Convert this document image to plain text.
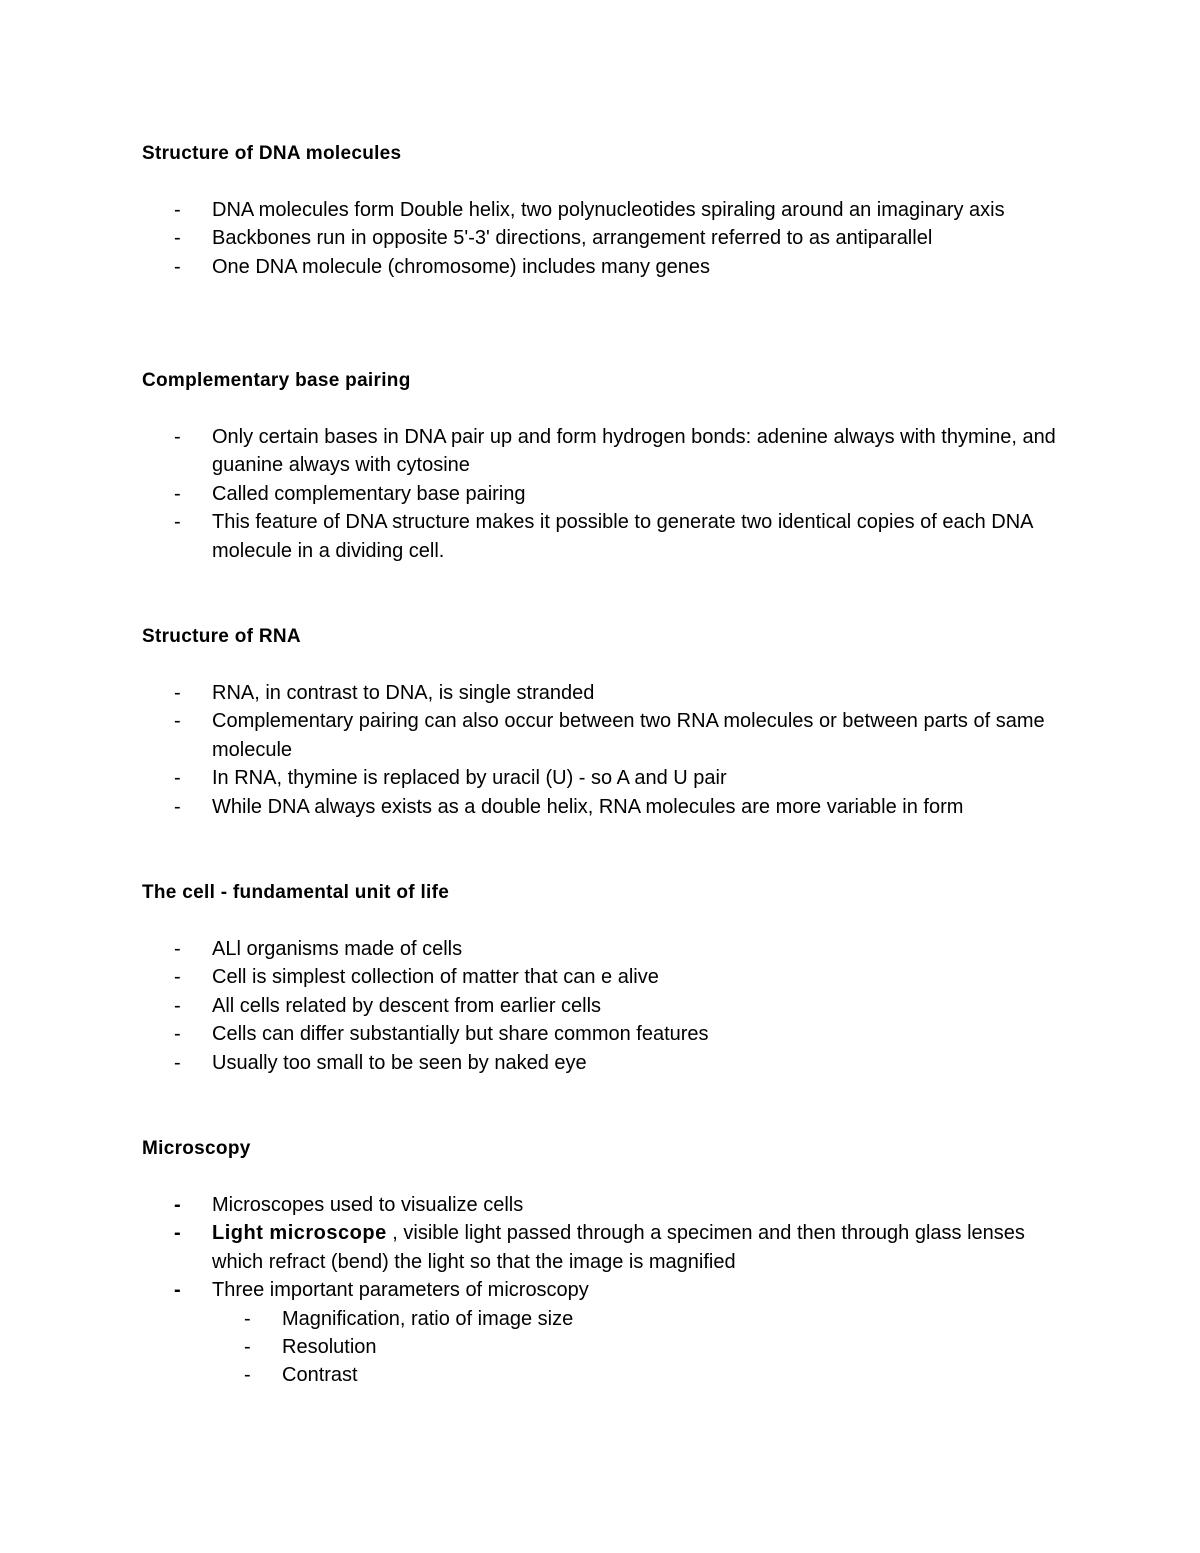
Structure of DNA molecules

- DNA molecules form Double helix, two polynucleotides spiraling around an imaginary axis
- Backbones run in opposite 5'-3' directions, arrangement referred to as antiparallel
- One DNA molecule (chromosome) includes many genes

Complementary base pairing

- Only certain bases in DNA pair up and form hydrogen bonds: adenine always with thymine, and guanine always with cytosine
- Called complementary base pairing
- This feature of DNA structure makes it possible to generate two identical copies of each DNA molecule in a dividing cell.

Structure of RNA

- RNA, in contrast to DNA, is single stranded
- Complementary pairing can also occur between two RNA molecules or between parts of same molecule
- In RNA, thymine is replaced by uracil (U) - so A and U pair
- While DNA always exists as a double helix, RNA molecules are more variable in form

The cell - fundamental unit of life

- ALl organisms made of cells
- Cell is simplest collection of matter that can e alive
- All cells related by descent from earlier cells
- Cells can differ substantially but share common features
- Usually too small to be seen by naked eye

Microscopy

- Microscopes used to visualize cells
- Light microscope , visible light passed through a specimen and then through glass lenses which refract (bend) the light so that the image is magnified
- Three important parameters of microscopy
- Magnification, ratio of image size
- Resolution
- Contrast
